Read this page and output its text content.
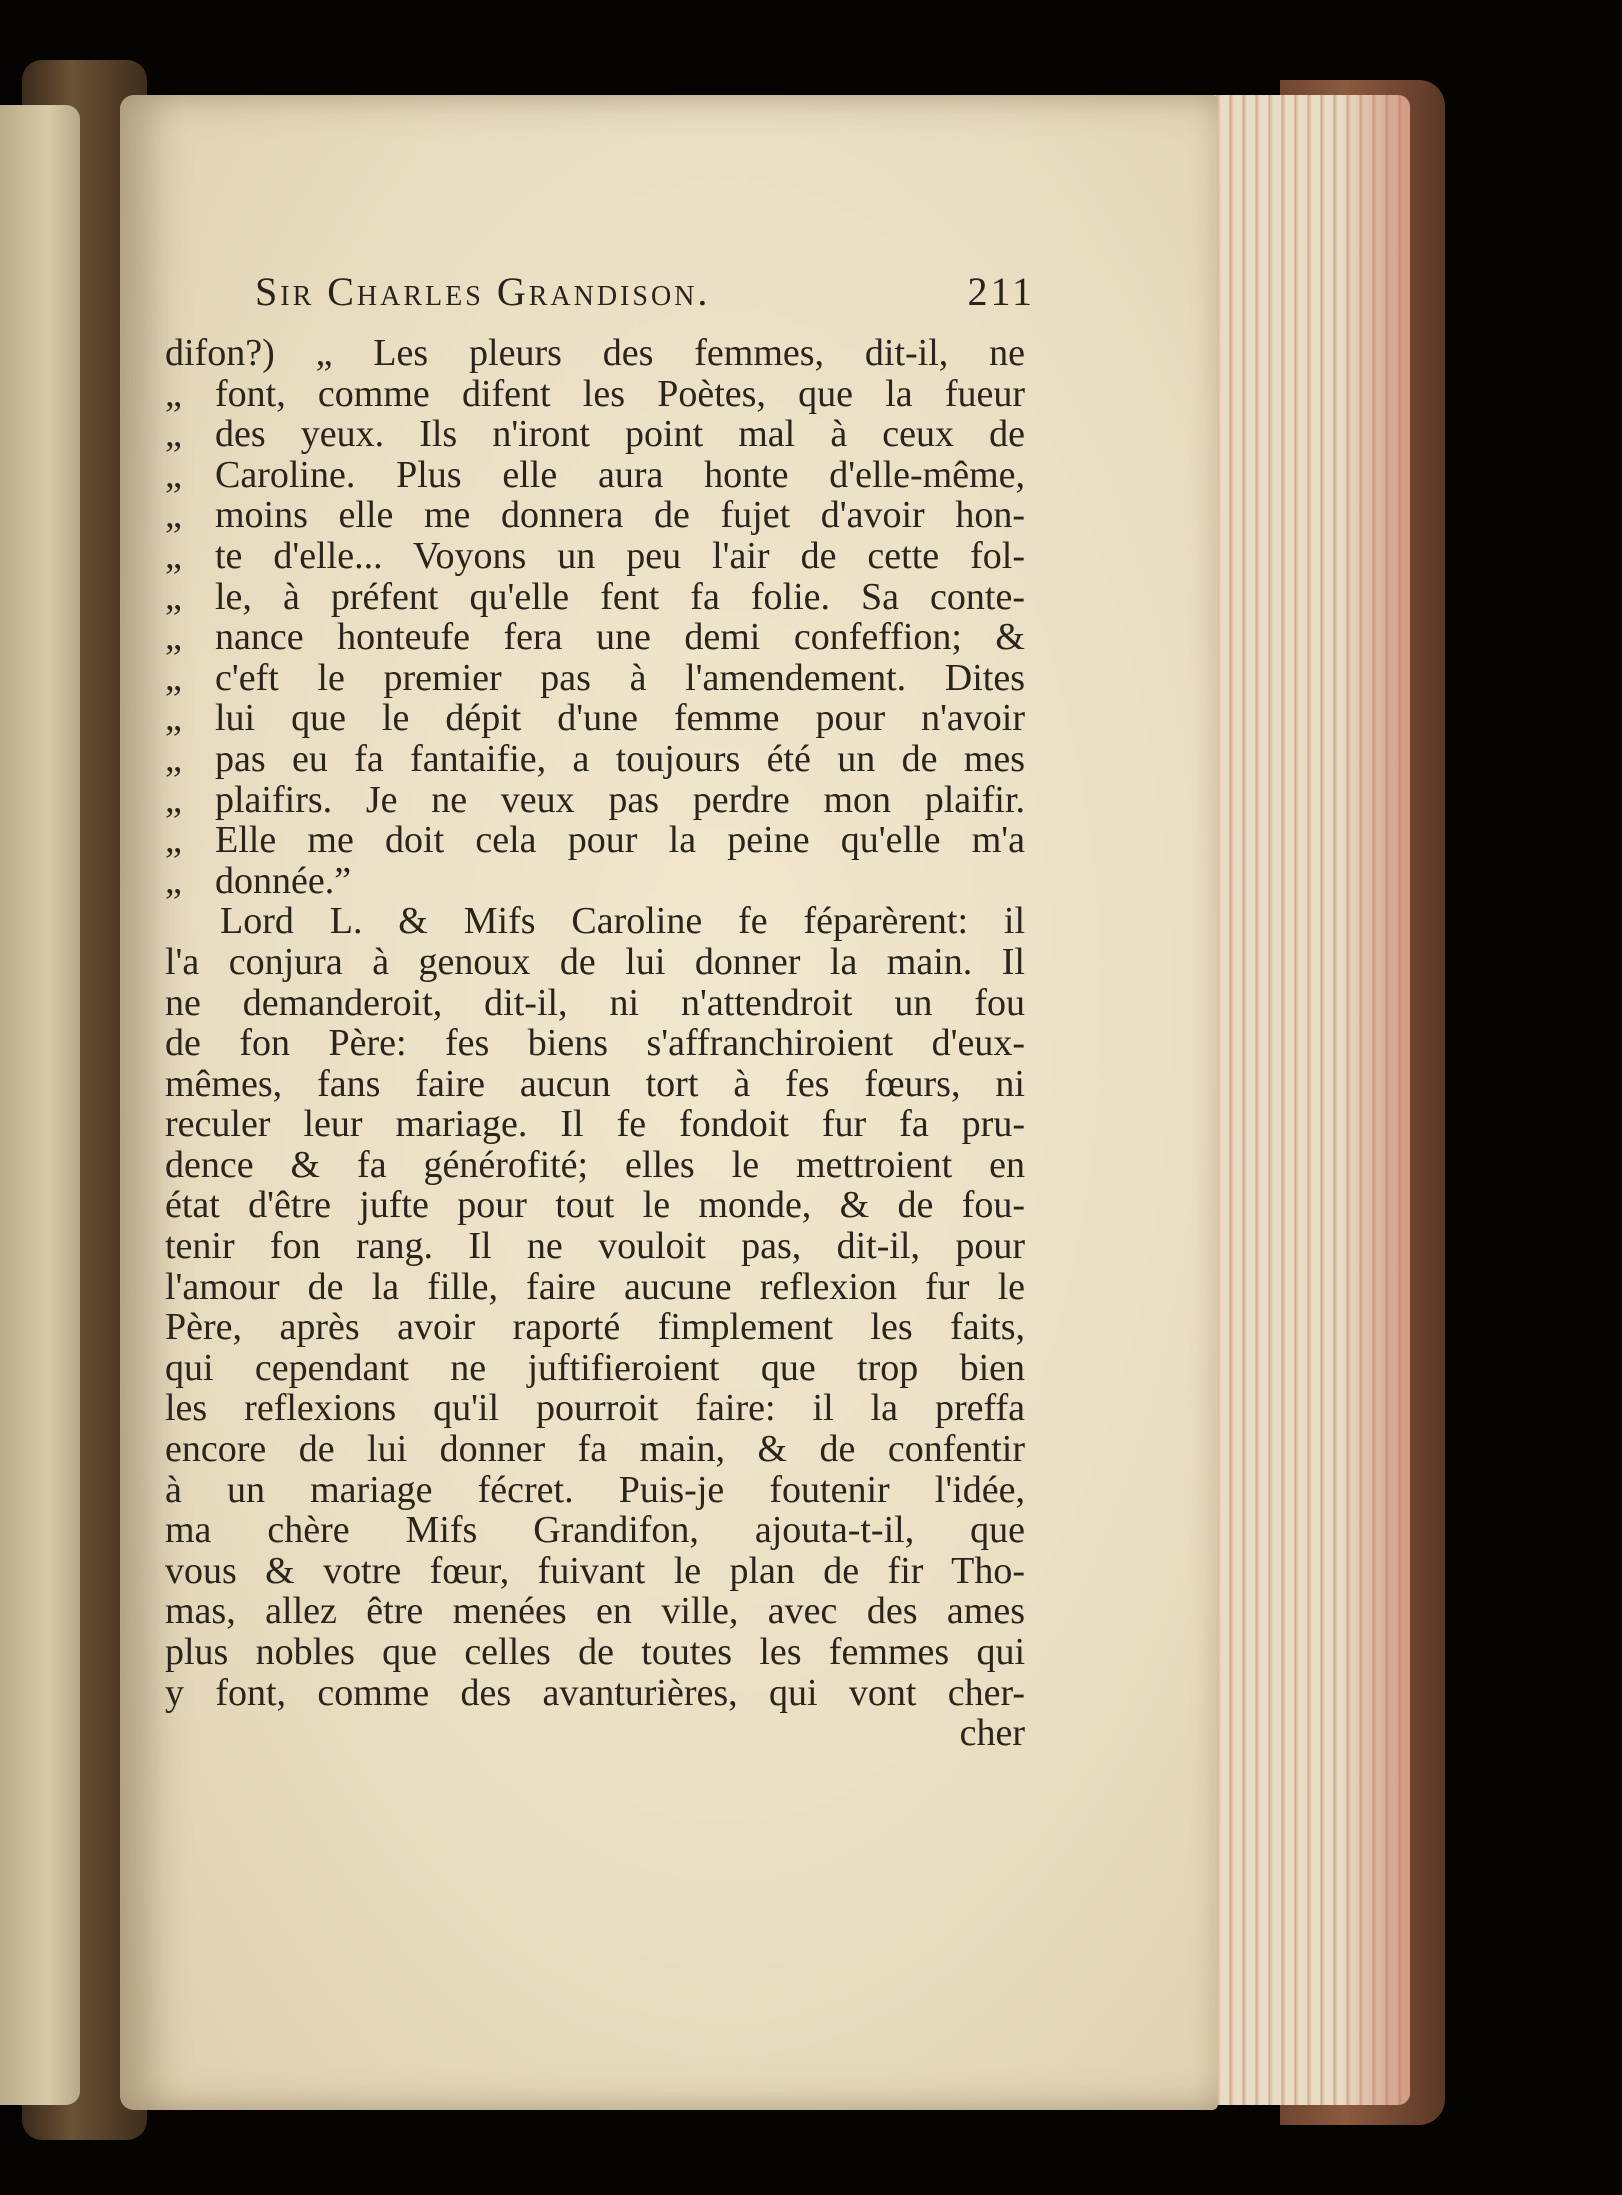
Sir Charles Grandison.	211
difon?) „ Les pleurs des femmes, dit-il, ne
„ font, comme difent les Poètes, que la fueur
„ des yeux. Ils n'iront point mal à ceux de
„ Caroline. Plus elle aura honte d'elle-même,
„ moins elle me donnera de fujet d'avoir hon-
„ te d'elle... Voyons un peu l'air de cette fol-
„ le, à préfent qu'elle fent fa folie. Sa conte-
„ nance honteufe fera une demi confeffion; &
„ c'eft le premier pas à l'amendement. Dites
„ lui que le dépit d'une femme pour n'avoir
„ pas eu fa fantaifie, a toujours été un de mes
„ plaifirs. Je ne veux pas perdre mon plaifir.
„ Elle me doit cela pour la peine qu'elle m'a
„ donnée.”
Lord L. & Mifs Caroline fe féparèrent: il
l'a conjura à genoux de lui donner la main. Il
ne demanderoit, dit-il, ni n'attendroit un fou
de fon Père: fes biens s'affranchiroient d'eux-
mêmes, fans faire aucun tort à fes fœurs, ni
reculer leur mariage. Il fe fondoit fur fa pru-
dence & fa générofité; elles le mettroient en
état d'être jufte pour tout le monde, & de fou-
tenir fon rang. Il ne vouloit pas, dit-il, pour
l'amour de la fille, faire aucune reflexion fur le
Père, après avoir raporté fimplement les faits,
qui cependant ne juftifieroient que trop bien
les reflexions qu'il pourroit faire: il la preffa
encore de lui donner fa main, & de confentir
à un mariage fécret. Puis-je foutenir l'idée,
ma chère Mifs Grandifon, ajouta-t-il, que
vous & votre fœur, fuivant le plan de fir Tho-
mas, allez être menées en ville, avec des ames
plus nobles que celles de toutes les femmes qui
y font, comme des avanturières, qui vont cher-
cher
